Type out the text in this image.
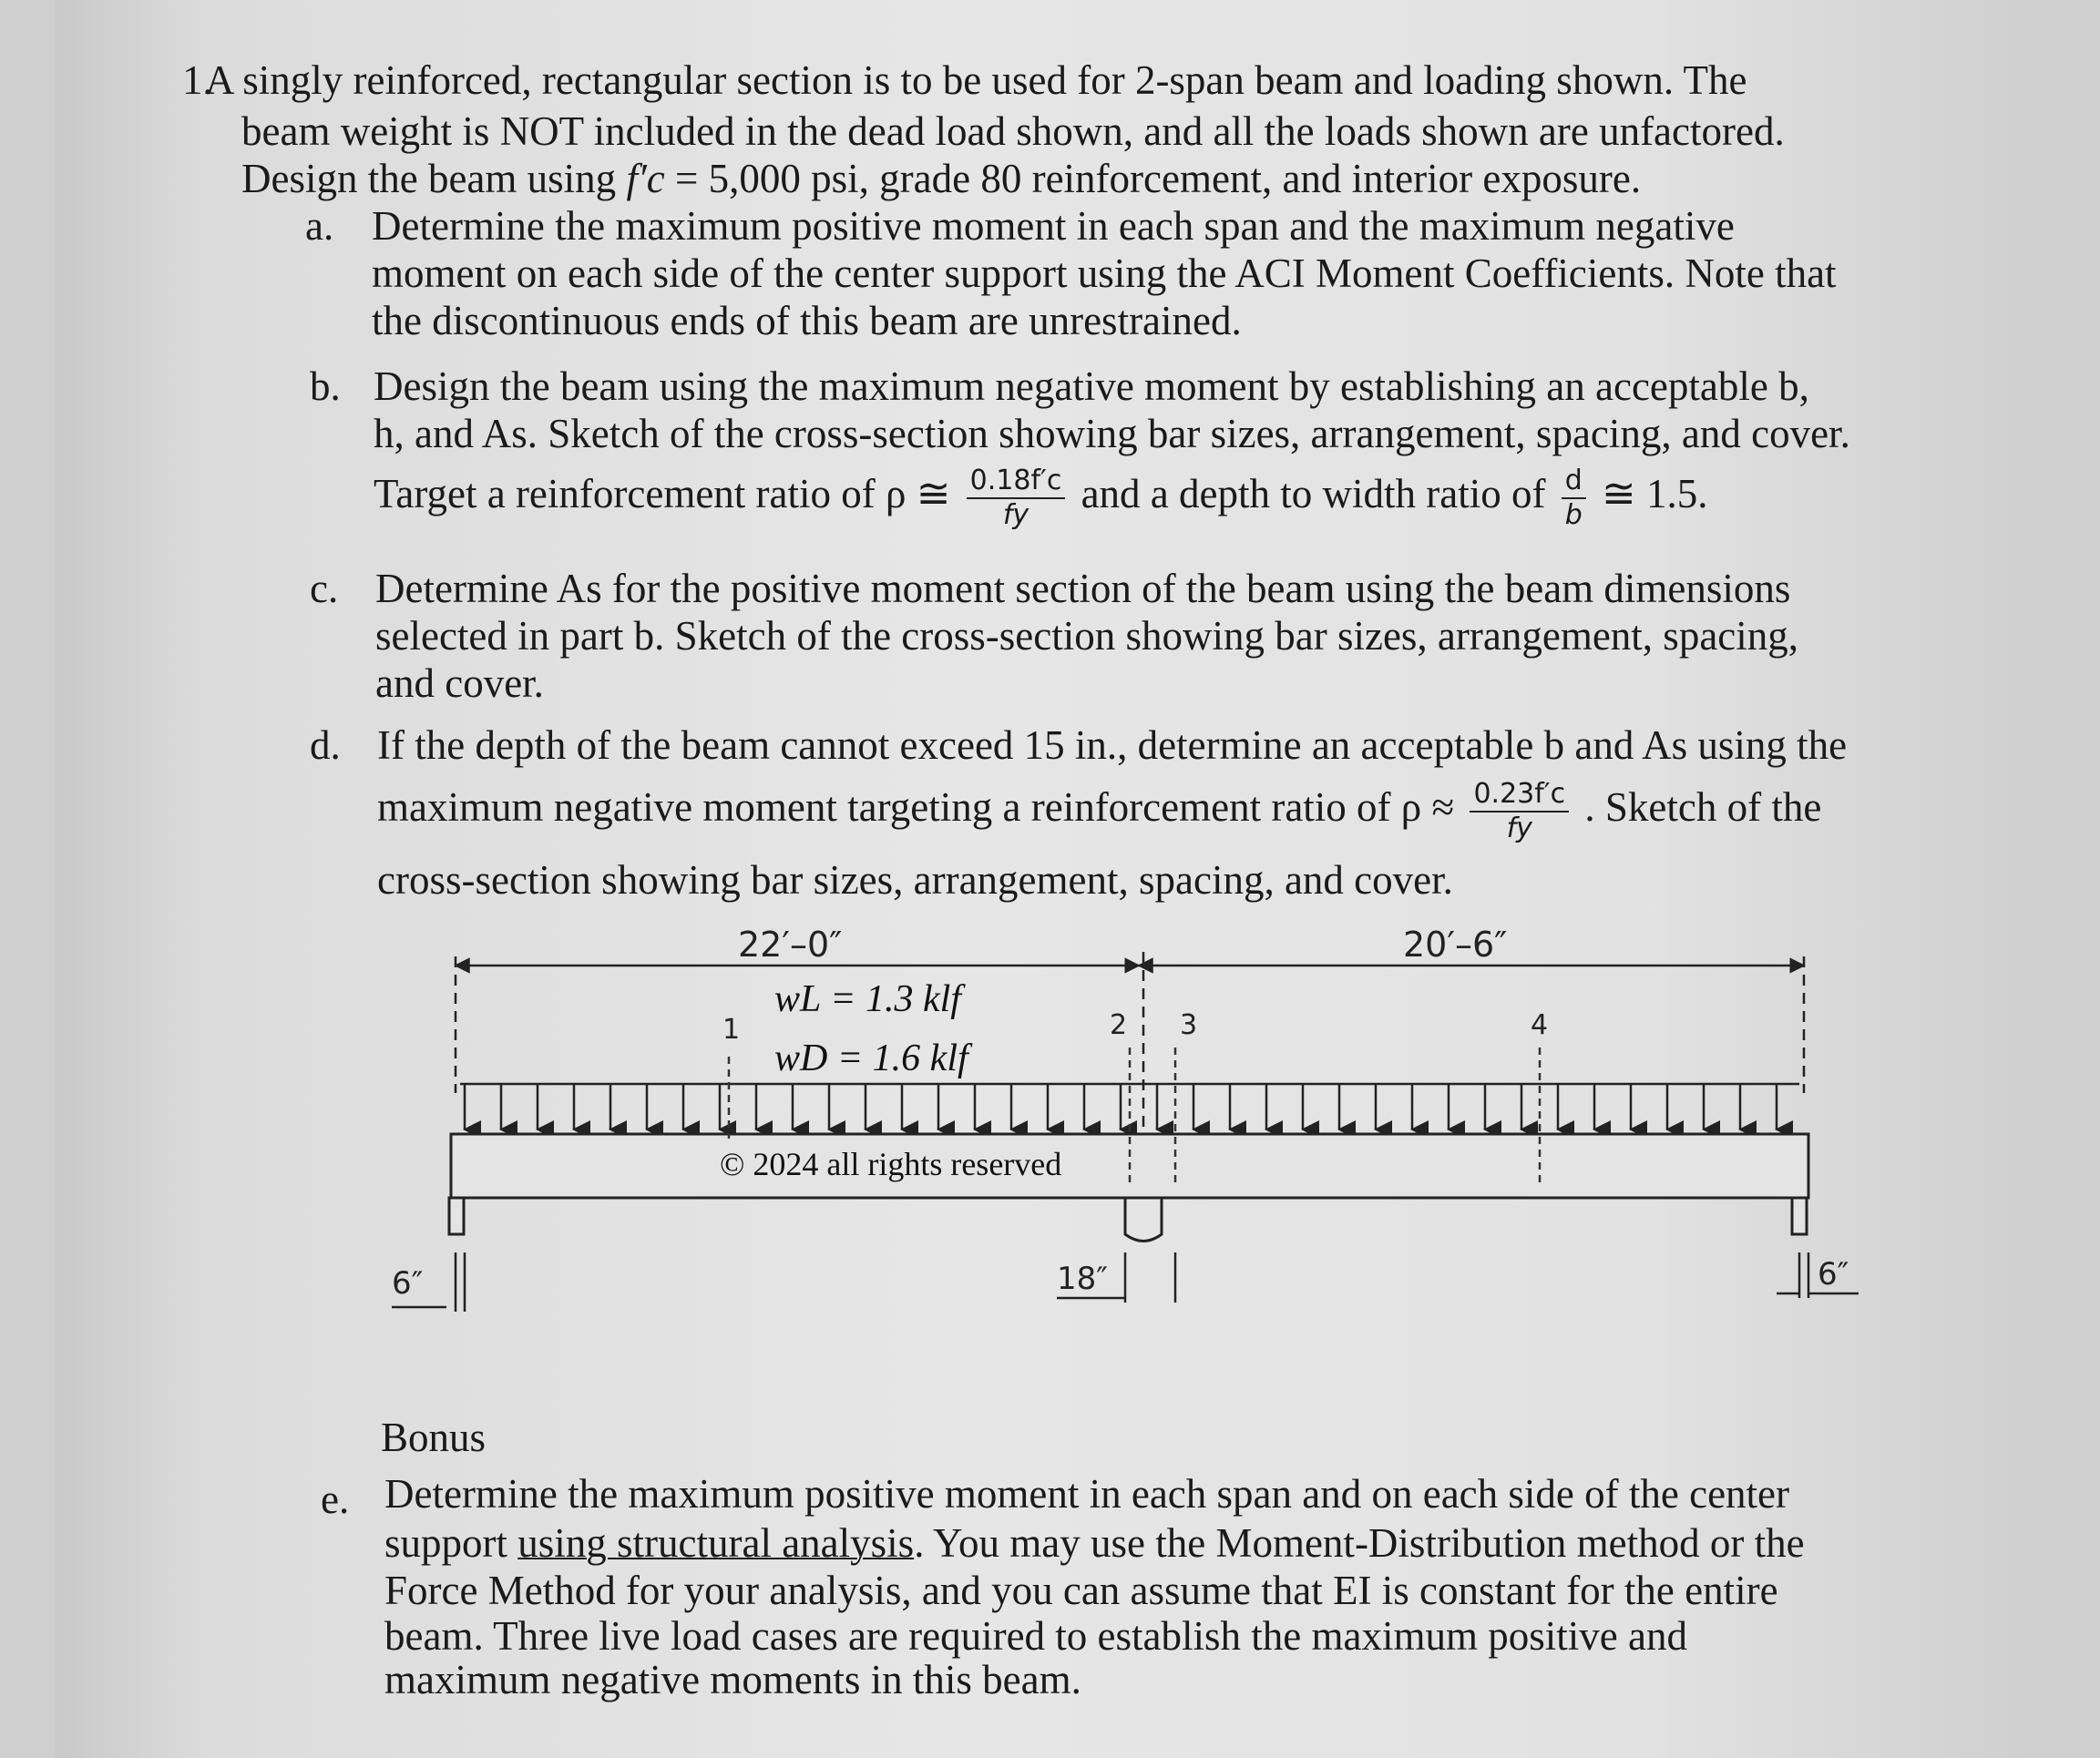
1.
A singly reinforced, rectangular section is to be used for 2-span beam and loading shown. The
beam weight is NOT included in the dead load shown, and all the loads shown are unfactored.
Design the beam using f′c = 5,000 psi, grade 80 reinforcement, and interior exposure.
a. Determine the maximum positive moment in each span and the maximum negative
moment on each side of the center support using the ACI Moment Coefficients. Note that
the discontinuous ends of this beam are unrestrained.
b. Design the beam using the maximum negative moment by establishing an acceptable b,
h, and As. Sketch of the cross-section showing bar sizes, arrangement, spacing, and cover.
Target a reinforcement ratio of ρ ≅ $\frac{0.18f'c}{fy}$ and a depth to width ratio of $\frac{d}{b}$ ≅ 1.5.
c. Determine As for the positive moment section of the beam using the beam dimensions
selected in part b. Sketch of the cross-section showing bar sizes, arrangement, spacing,
and cover.
d. If the depth of the beam cannot exceed 15 in., determine an acceptable b and As using the
maximum negative moment targeting a reinforcement ratio of $\rho \approx \frac{0.23f'c}{fy}$ . Sketch of the
cross-section showing bar sizes, arrangement, spacing, and cover.
22′–0″	20′–6″
wL = 1.3 klf
wD = 1.6 klf
© 2024 all rights reserved
6″	18″	6″
1	2 3	4
Bonus
e. Determine the maximum positive moment in each span and on each side of the center
support using structural analysis. You may use the Moment-Distribution method or the
Force Method for your analysis, and you can assume that EI is constant for the entire
beam. Three live load cases are required to establish the maximum positive and
maximum negative moments in this beam.
